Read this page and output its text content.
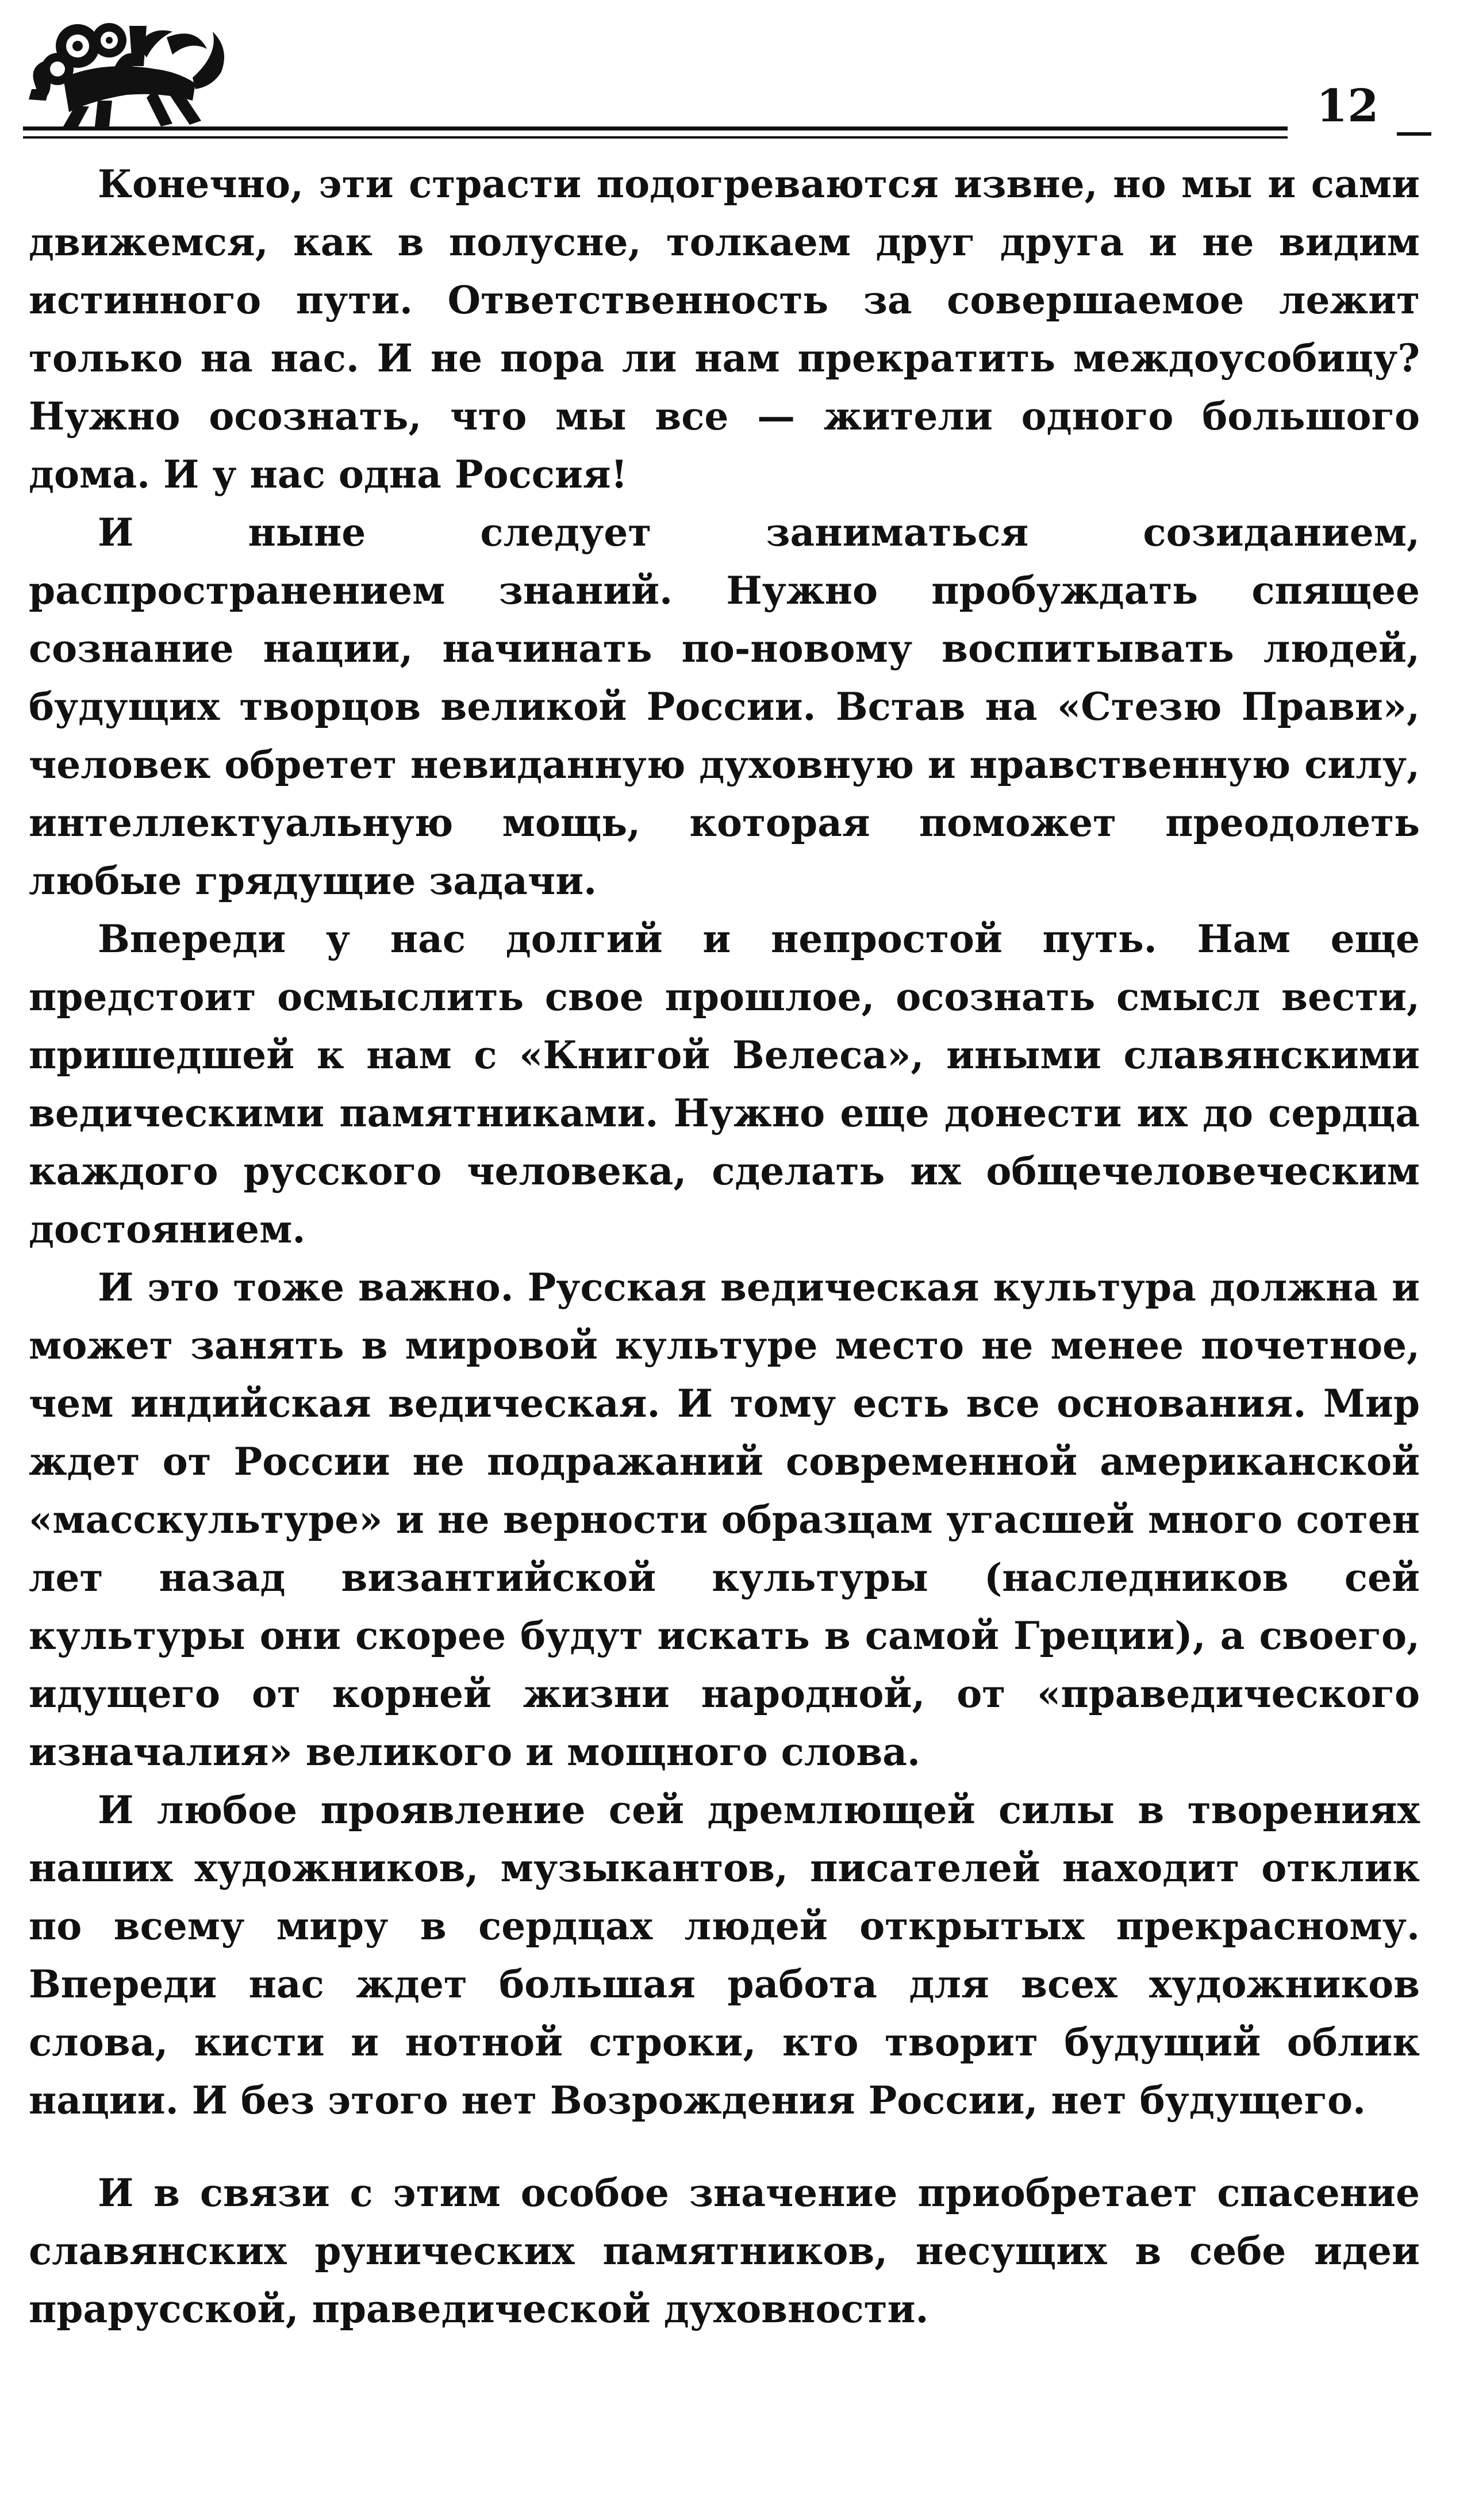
12

Конечно, эти страсти подогреваются извне, но мы и сами движемся, как в полусне, толкаем друг друга и не видим истинного пути. Ответственность за совершаемое лежит только на нас. И не пора ли нам прекратить междоусобицу? Нужно осознать, что мы все — жители одного большого дома. И у нас одна Россия!

И ныне следует заниматься созиданием, распространением знаний. Нужно пробуждать спящее сознание нации, начинать по-новому воспитывать людей, будущих творцов великой России. Встав на «Стезю Прави», человек обретет невиданную духовную и нравственную силу, интеллектуальную мощь, которая поможет преодолеть любые грядущие задачи.

Впереди у нас долгий и непростой путь. Нам еще предстоит осмыслить свое прошлое, осознать смысл вести, пришедшей к нам с «Книгой Велеса», иными славянскими ведическими памятниками. Нужно еще донести их до сердца каждого русского человека, сделать их общечеловеческим достоянием.

И это тоже важно. Русская ведическая культура должна и может занять в мировой культуре место не менее почетное, чем индийская ведическая. И тому есть все основания. Мир ждет от России не подражаний современной американской «масскультуре» и не верности образцам угасшей много сотен лет назад византийской культуры (наследников сей культуры они скорее будут искать в самой Греции), а своего, идущего от корней жизни народной, от «праведического изначалия» великого и мощного слова.

И любое проявление сей дремлющей силы в творениях наших художников, музыкантов, писателей находит отклик по всему миру в сердцах людей открытых прекрасному. Впереди нас ждет большая работа для всех художников слова, кисти и нотной строки, кто творит будущий облик нации. И без этого нет Возрождения России, нет будущего.

И в связи с этим особое значение приобретает спасение славянских рунических памятников, несущих в себе идеи прарусской, праведической духовности.
